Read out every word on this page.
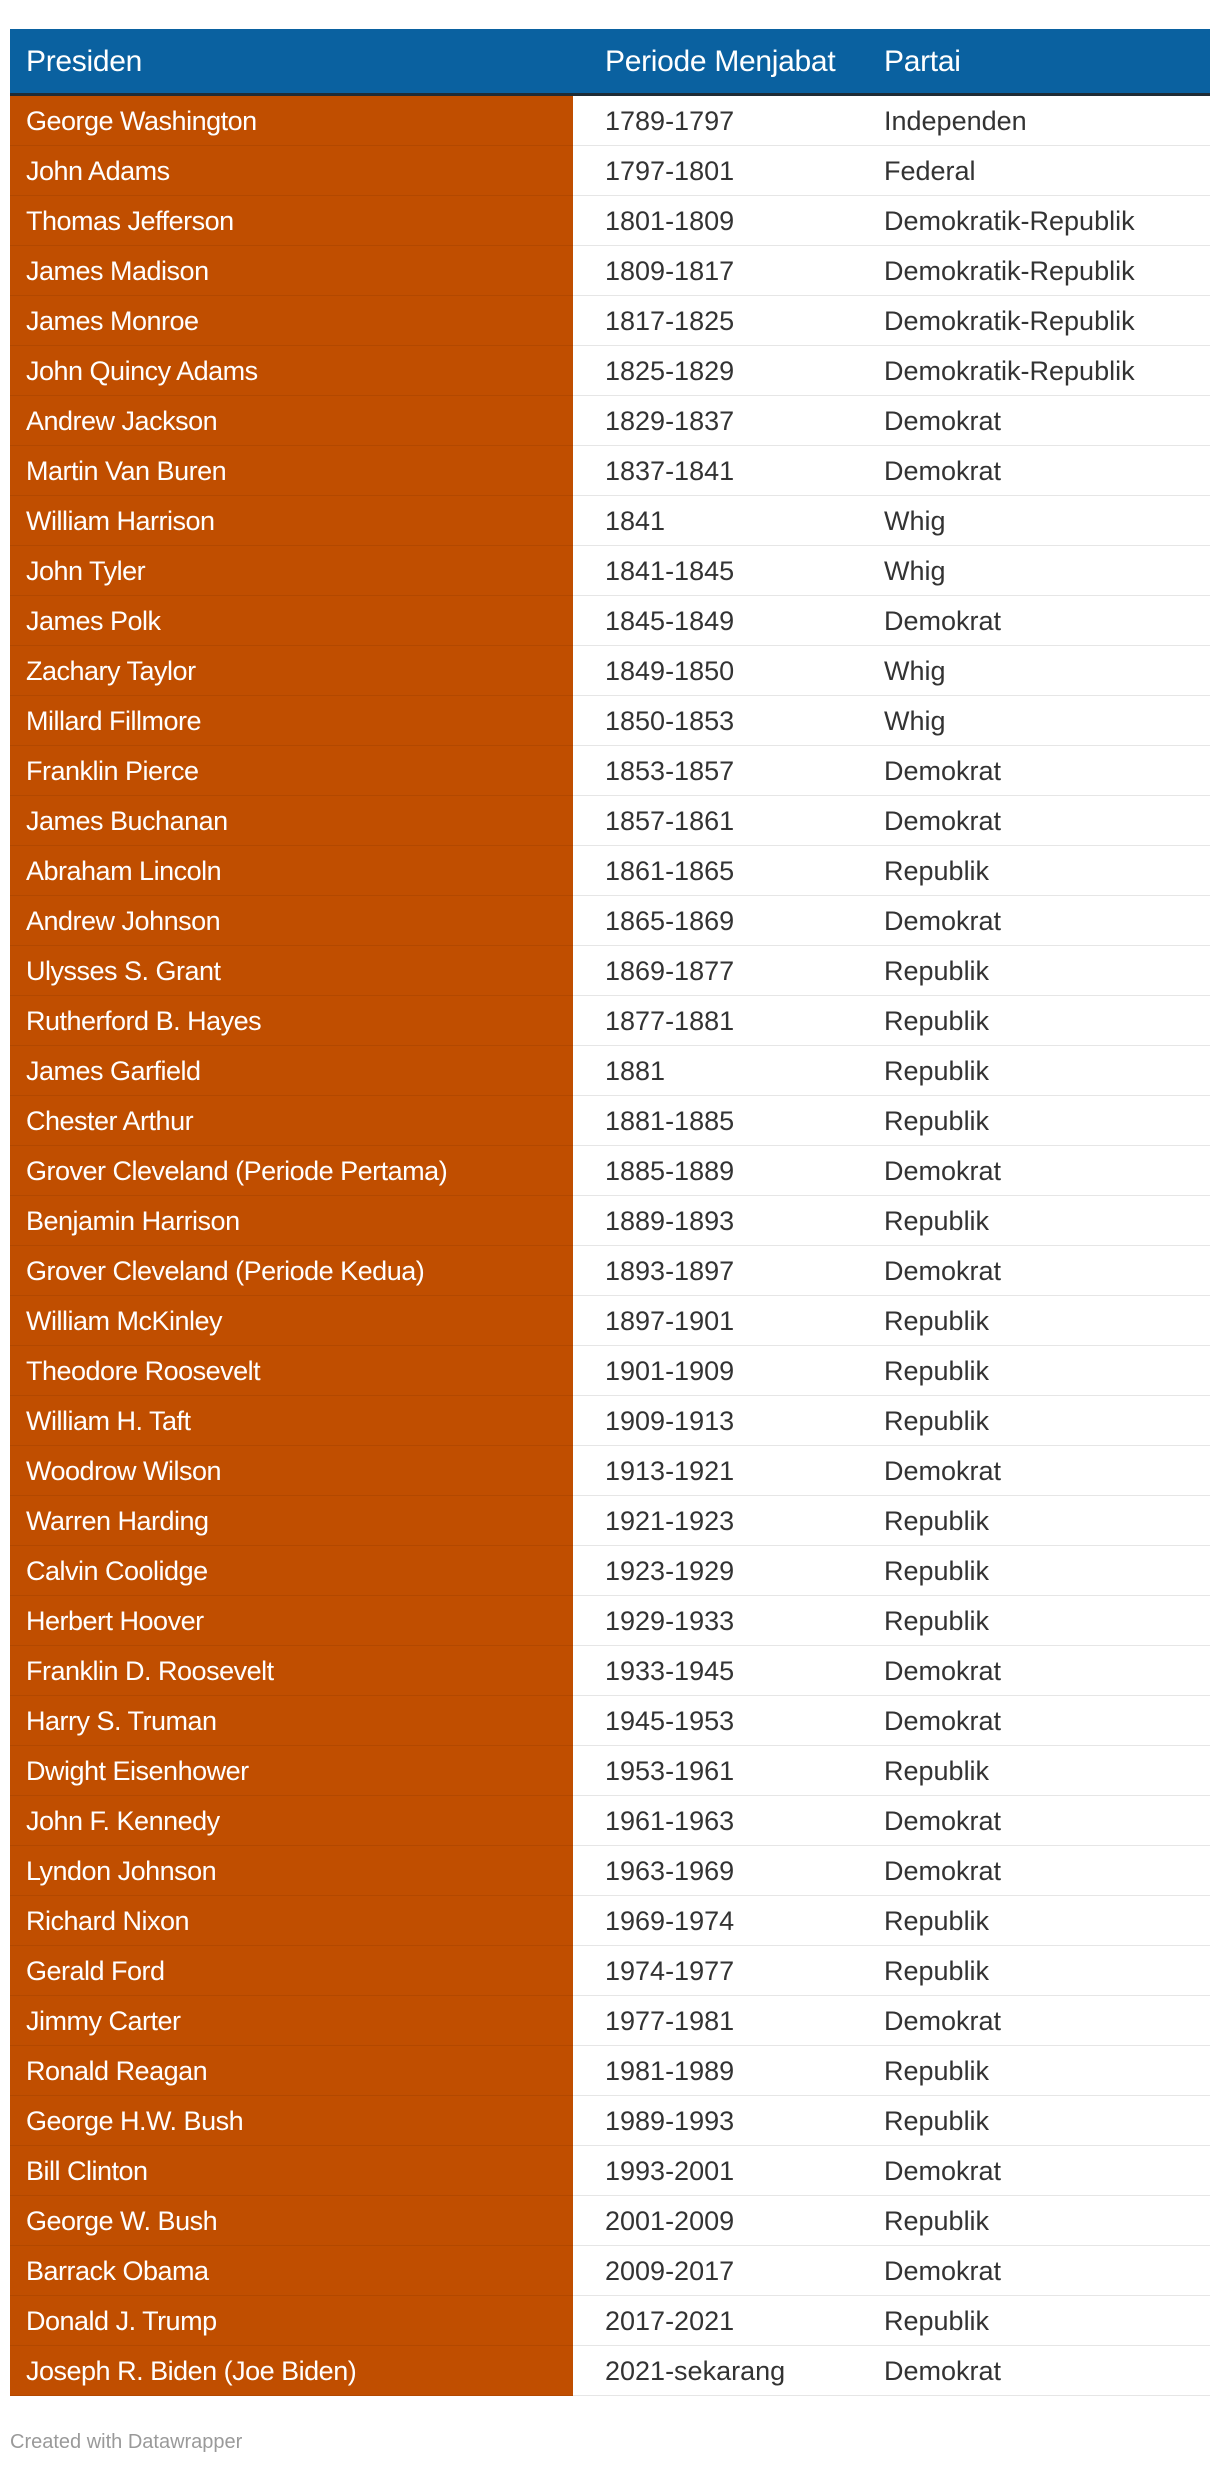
Presiden	Periode Menjabat	Partai
George Washington	1789-1797	Independen
John Adams	1797-1801	Federal
Thomas Jefferson	1801-1809	Demokratik-Republik
James Madison	1809-1817	Demokratik-Republik
James Monroe	1817-1825	Demokratik-Republik
John Quincy Adams	1825-1829	Demokratik-Republik
Andrew Jackson	1829-1837	Demokrat
Martin Van Buren	1837-1841	Demokrat
William Harrison	1841	Whig
John Tyler	1841-1845	Whig
James Polk	1845-1849	Demokrat
Zachary Taylor	1849-1850	Whig
Millard Fillmore	1850-1853	Whig
Franklin Pierce	1853-1857	Demokrat
James Buchanan	1857-1861	Demokrat
Abraham Lincoln	1861-1865	Republik
Andrew Johnson	1865-1869	Demokrat
Ulysses S. Grant	1869-1877	Republik
Rutherford B. Hayes	1877-1881	Republik
James Garfield	1881	Republik
Chester Arthur	1881-1885	Republik
Grover Cleveland (Periode Pertama)	1885-1889	Demokrat
Benjamin Harrison	1889-1893	Republik
Grover Cleveland (Periode Kedua)	1893-1897	Demokrat
William McKinley	1897-1901	Republik
Theodore Roosevelt	1901-1909	Republik
William H. Taft	1909-1913	Republik
Woodrow Wilson	1913-1921	Demokrat
Warren Harding	1921-1923	Republik
Calvin Coolidge	1923-1929	Republik
Herbert Hoover	1929-1933	Republik
Franklin D. Roosevelt	1933-1945	Demokrat
Harry S. Truman	1945-1953	Demokrat
Dwight Eisenhower	1953-1961	Republik
John F. Kennedy	1961-1963	Demokrat
Lyndon Johnson	1963-1969	Demokrat
Richard Nixon	1969-1974	Republik
Gerald Ford	1974-1977	Republik
Jimmy Carter	1977-1981	Demokrat
Ronald Reagan	1981-1989	Republik
George H.W. Bush	1989-1993	Republik
Bill Clinton	1993-2001	Demokrat
George W. Bush	2001-2009	Republik
Barrack Obama	2009-2017	Demokrat
Donald J. Trump	2017-2021	Republik
Joseph R. Biden (Joe Biden)	2021-sekarang	Demokrat
Created with Datawrapper
